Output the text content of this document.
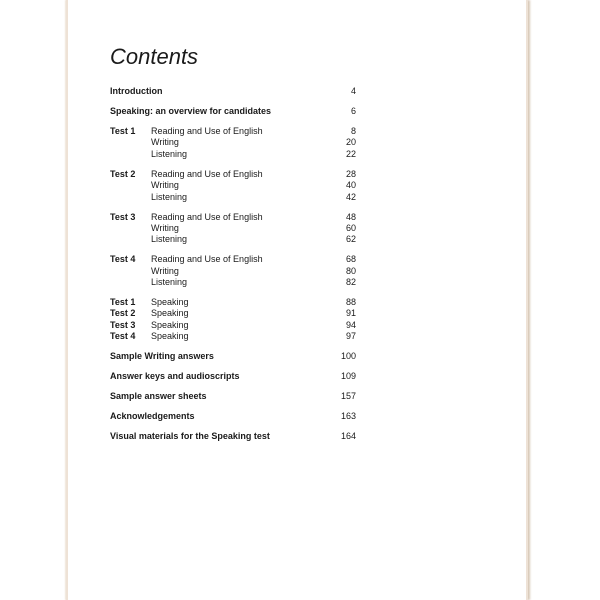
Contents
Introduction	4
Speaking: an overview for candidates	6
Test 1	Reading and Use of English	8
Writing	20
Listening	22
Test 2	Reading and Use of English	28
Writing	40
Listening	42
Test 3	Reading and Use of English	48
Writing	60
Listening	62
Test 4	Reading and Use of English	68
Writing	80
Listening	82
Test 1	Speaking	88
Test 2	Speaking	91
Test 3	Speaking	94
Test 4	Speaking	97
Sample Writing answers	100
Answer keys and audioscripts	109
Sample answer sheets	157
Acknowledgements	163
Visual materials for the Speaking test	164
